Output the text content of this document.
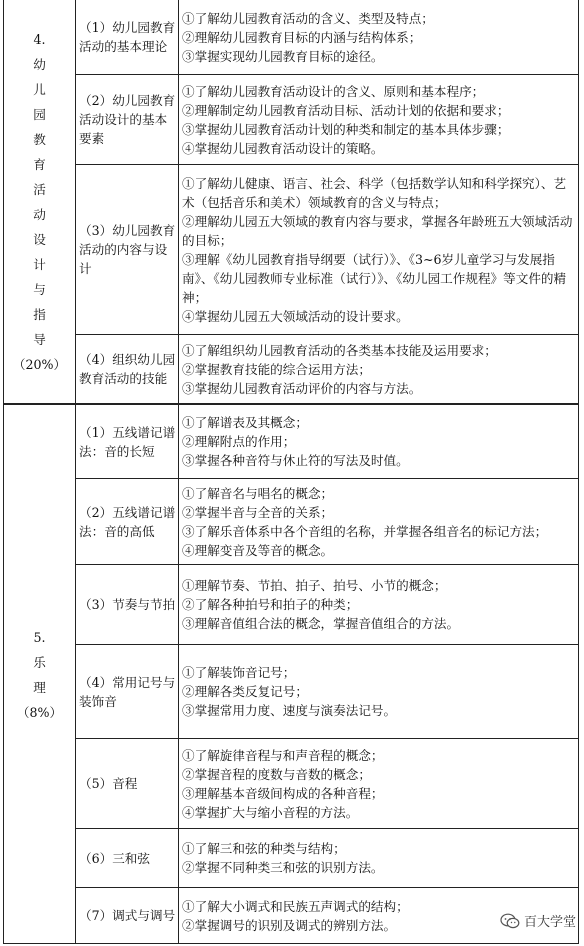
4.
幼
儿
园
教
育
活
动
设
计
与
指
导
（20%）
（1）幼儿园教育活动的基本理论
①了解幼儿园教育活动的含义、类型及特点；
②理解幼儿园教育目标的内涵与结构体系；
③掌握实现幼儿园教育目标的途径。
（2）幼儿园教育活动设计的基本要素
①了解幼儿园教育活动设计的含义、原则和基本程序；
②理解制定幼儿园教育活动目标、活动计划的依据和要求；
③掌握幼儿园教育活动计划的种类和制定的基本具体步骤；
④掌握幼儿园教育活动设计的策略。
（3）幼儿园教育活动的内容与设计
①了解幼儿健康、语言、社会、科学（包括数学认知和科学探究）、艺术（包括音乐和美术）领域教育的含义与特点；
②理解幼儿园五大领域的教育内容与要求，掌握各年龄班五大领域活动的目标；
③理解《幼儿园教育指导纲要（试行）》、《3~6岁儿童学习与发展指南》、《幼儿园教师专业标准（试行）》、《幼儿园工作规程》等文件的精神；
④掌握幼儿园五大领域活动的设计要求。
（4）组织幼儿园教育活动的技能
①了解组织幼儿园教育活动的各类基本技能及运用要求；
②掌握教育技能的综合运用方法；
③掌握幼儿园教育活动评价的内容与方法。
5.
乐
理
（8%）
（1）五线谱记谱法：音的长短
①了解谱表及其概念；
②理解附点的作用；
③掌握各种音符与休止符的写法及时值。
（2）五线谱记谱法：音的高低
①了解音名与唱名的概念；
②掌握半音与全音的关系；
③了解乐音体系中各个音组的名称，并掌握各组音名的标记方法；
④理解变音及等音的概念。
（3）节奏与节拍
①理解节奏、节拍、拍子、拍号、小节的概念；
②了解各种拍号和拍子的种类；
③理解音值组合法的概念，掌握音值组合的方法。
（4）常用记号与装饰音
①了解装饰音记号；
②理解各类反复记号；
③掌握常用力度、速度与演奏法记号。
（5）音程
①了解旋律音程与和声音程的概念；
②掌握音程的度数与音数的概念；
③理解基本音级间构成的各种音程；
④掌握扩大与缩小音程的方法。
（6）三和弦
①了解三和弦的种类与结构；
②掌握不同种类三和弦的识别方法。
（7）调式与调号
①了解大小调式和民族五声调式的结构；
②掌握调号的识别及调式的辨别方法。	百大学堂
